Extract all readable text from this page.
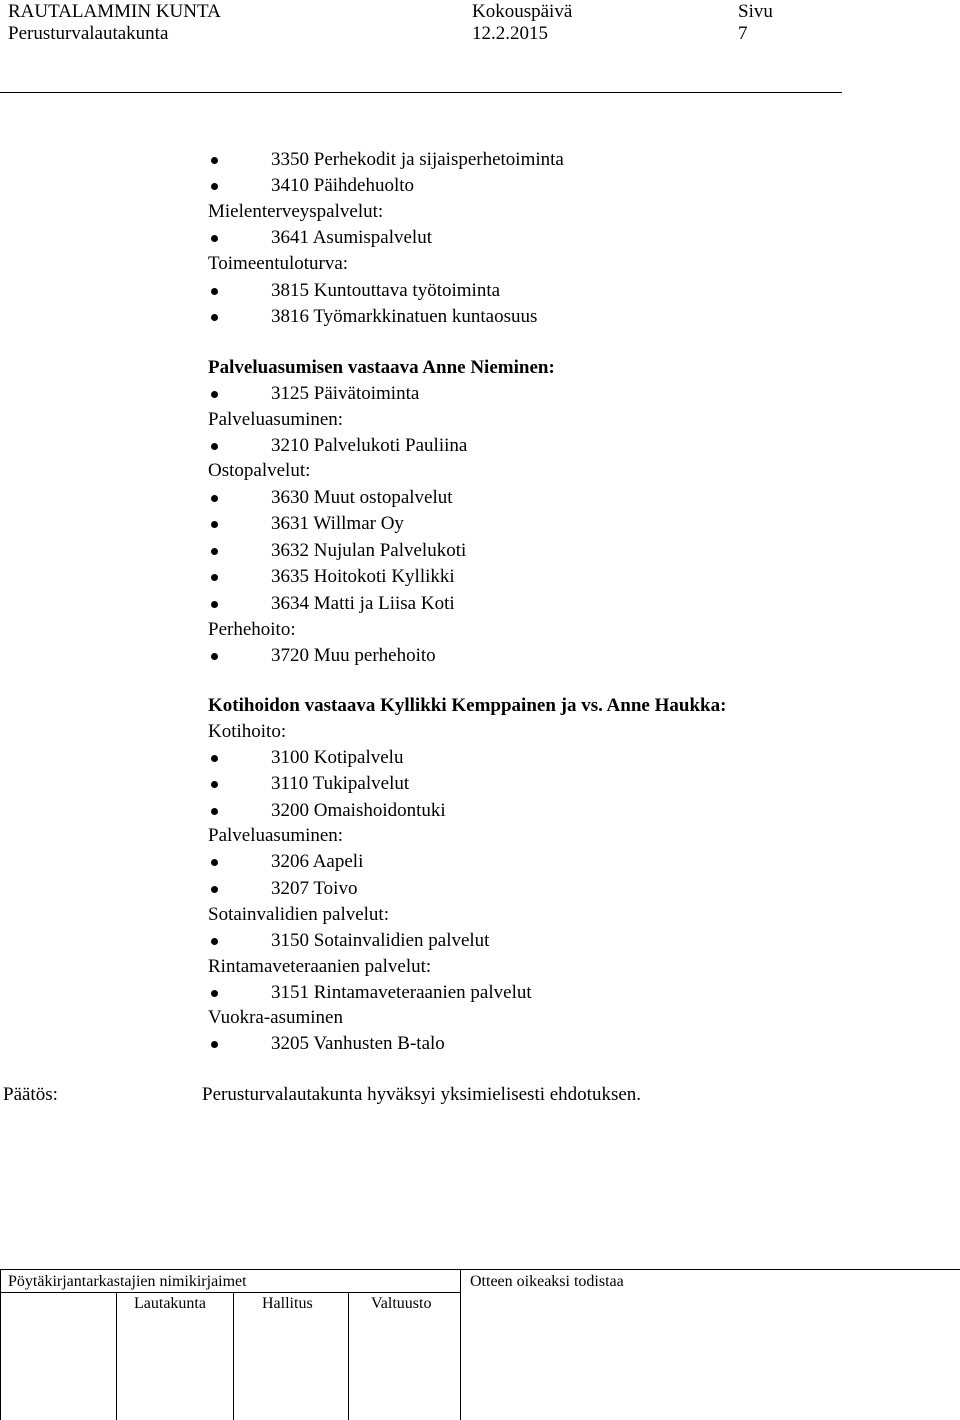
RAUTALAMMIN KUNTA
Perusturvalautakunta
Kokouspäivä
12.2.2015
Sivu
7
3350 Perhekodit ja sijaisperhetoiminta
3410 Päihdehuolto
Mielenterveyspalvelut:
3641 Asumispalvelut
Toimeentuloturva:
3815 Kuntouttava työtoiminta
3816 Työmarkkinatuen kuntaosuus
Palveluasumisen vastaava Anne Nieminen:
3125 Päivätoiminta
Palveluasuminen:
3210 Palvelukoti Pauliina
Ostopalvelut:
3630 Muut ostopalvelut
3631 Willmar Oy
3632 Nujulan Palvelukoti
3635 Hoitokoti Kyllikki
3634 Matti ja Liisa Koti
Perhehoito:
3720 Muu perhehoito
Kotihoidon vastaava Kyllikki Kemppainen ja vs. Anne Haukka:
Kotihoito:
3100 Kotipalvelu
3110 Tukipalvelut
3200 Omaishoidontuki
Palveluasuminen:
3206 Aapeli
3207 Toivo
Sotainvalidien palvelut:
3150 Sotainvalidien palvelut
Rintamaveteraanien palvelut:
3151 Rintamaveteraanien palvelut
Vuokra-asuminen
3205 Vanhusten B-talo
Päätös:	Perusturvalautakunta hyväksyi yksimielisesti ehdotuksen.
Pöytäkirjantarkastajien nimikirjaimet	Otteen oikeaksi todistaa
Lautakunta	Hallitus	Valtuusto
